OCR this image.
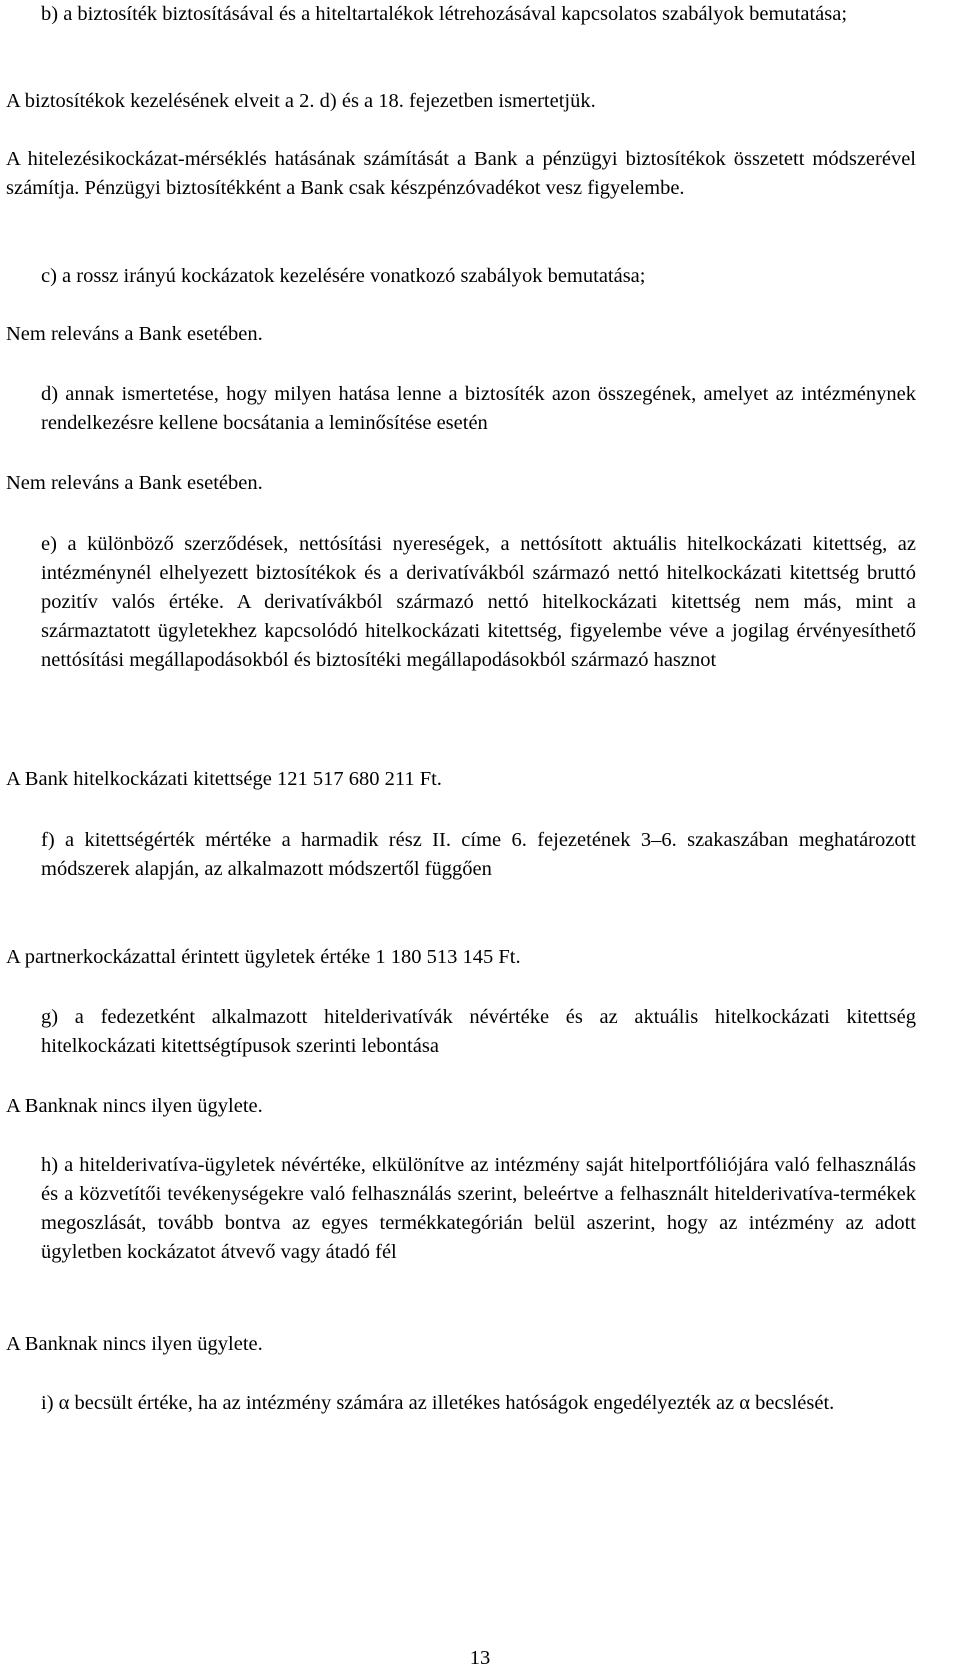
b) a biztosíték biztosításával és a hiteltartalékok létrehozásával kapcsolatos szabályok bemutatása;

A biztosítékok kezelésének elveit a 2. d) és a 18. fejezetben ismertetjük.

A hitelezésikockázat-mérséklés hatásának számítását a Bank a pénzügyi biztosítékok összetett módszerével számítja. Pénzügyi biztosítékként a Bank csak készpénzóvadékot vesz figyelembe.

c) a rossz irányú kockázatok kezelésére vonatkozó szabályok bemutatása;

Nem releváns a Bank esetében.

d) annak ismertetése, hogy milyen hatása lenne a biztosíték azon összegének, amelyet az intézménynek rendelkezésre kellene bocsátania a leminősítése esetén

Nem releváns a Bank esetében.

e) a különböző szerződések, nettósítási nyereségek, a nettósított aktuális hitelkockázati kitettség, az intézménynél elhelyezett biztosítékok és a derivatívákból származó nettó hitelkockázati kitettség bruttó pozitív valós értéke. A derivatívákból származó nettó hitelkockázati kitettség nem más, mint a származtatott ügyletekhez kapcsolódó hitelkockázati kitettség, figyelembe véve a jogilag érvényesíthető nettósítási megállapodásokból és biztosítéki megállapodásokból származó hasznot

A Bank hitelkockázati kitettsége 121 517 680 211 Ft.

f) a kitettségérték mértéke a harmadik rész II. címe 6. fejezetének 3–6. szakaszában meghatározott módszerek alapján, az alkalmazott módszertől függően

A partnerkockázattal érintett ügyletek értéke 1 180 513 145 Ft.

g) a fedezetként alkalmazott hitelderivatívák névértéke és az aktuális hitelkockázati kitettség hitelkockázati kitettségtípusok szerinti lebontása

A Banknak nincs ilyen ügylete.

h) a hitelderivatíva-ügyletek névértéke, elkülönítve az intézmény saját hitelportfóliójára való felhasználás és a közvetítői tevékenységekre való felhasználás szerint, beleértve a felhasznált hitelderivatíva-termékek megoszlását, tovább bontva az egyes termékkategórián belül aszerint, hogy az intézmény az adott ügyletben kockázatot átvevő vagy átadó fél

A Banknak nincs ilyen ügylete.

i) α becsült értéke, ha az intézmény számára az illetékes hatóságok engedélyezték az α becslését.

13
